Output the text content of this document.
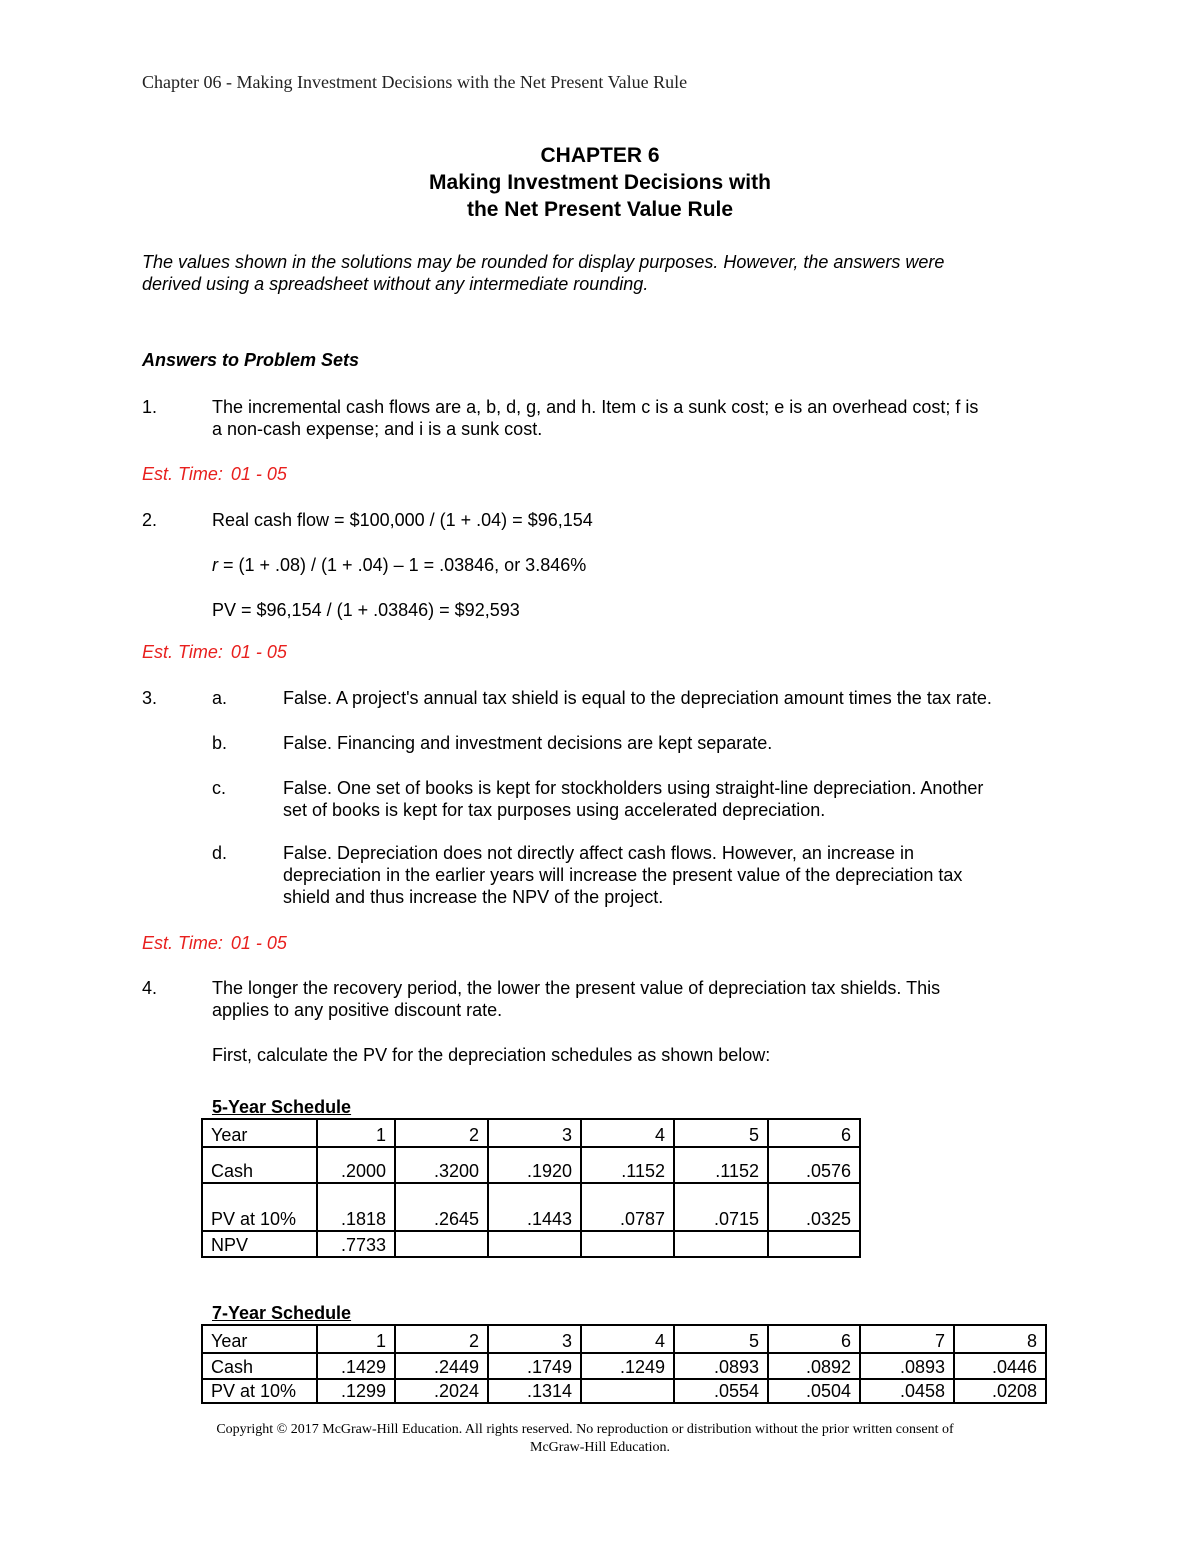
Chapter 06 - Making Investment Decisions with the Net Present Value Rule
CHAPTER 6
Making Investment Decisions with
the Net Present Value Rule
The values shown in the solutions may be rounded for display purposes. However, the answers were
derived using a spreadsheet without any intermediate rounding.
Answers to Problem Sets
1.	The incremental cash flows are a, b, d, g, and h. Item c is a sunk cost; e is an overhead cost; f is
a non-cash expense; and i is a sunk cost.
Est. Time: 01 - 05
2.	Real cash flow = $100,000 / (1 + .04) = $96,154
r = (1 + .08) / (1 + .04) – 1 = .03846, or 3.846%
PV = $96,154 / (1 + .03846) = $92,593
Est. Time: 01 - 05
3.	a.	False. A project's annual tax shield is equal to the depreciation amount times the tax rate.
b.	False. Financing and investment decisions are kept separate.
c.	False. One set of books is kept for stockholders using straight-line depreciation. Another
set of books is kept for tax purposes using accelerated depreciation.
d.	False. Depreciation does not directly affect cash flows. However, an increase in
depreciation in the earlier years will increase the present value of the depreciation tax
shield and thus increase the NPV of the project.
Est. Time: 01 - 05
4.	The longer the recovery period, the lower the present value of depreciation tax shields. This
applies to any positive discount rate.
First, calculate the PV for the depreciation schedules as shown below:
5-Year Schedule
Year	1	2	3	4	5	6
Cash	.2000	.3200	.1920	.1152	.1152	.0576
PV at 10%	.1818	.2645	.1443	.0787	.0715	.0325
NPV	.7733					
7-Year Schedule
Year	1	2	3	4	5	6	7	8
Cash	.1429	.2449	.1749	.1249	.0893	.0892	.0893	.0446
PV at 10%	.1299	.2024	.1314		.0554	.0504	.0458	.0208
Copyright © 2017 McGraw-Hill Education. All rights reserved. No reproduction or distribution without the prior written consent of
McGraw-Hill Education.
